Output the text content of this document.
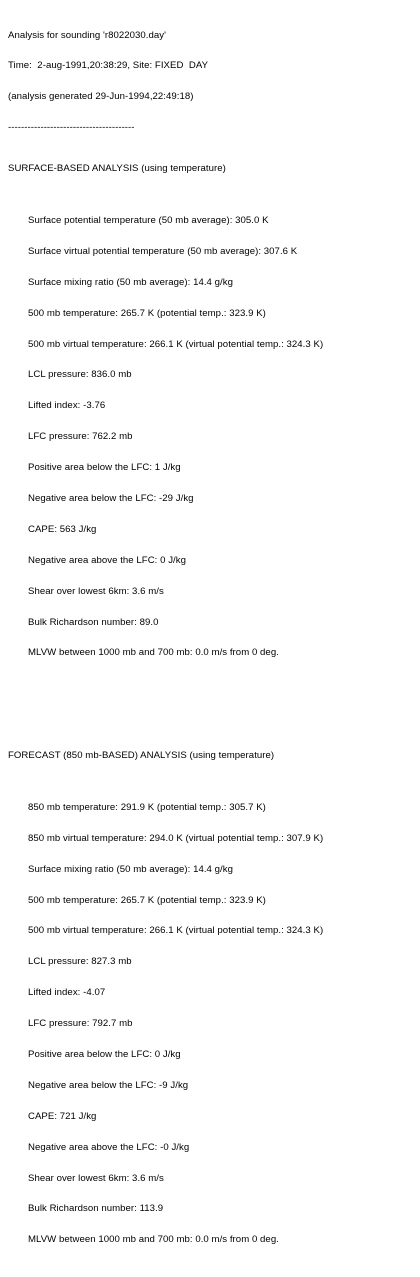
Analysis for sounding 'r8022030.day'

Time:  2-aug-1991,20:38:29, Site: FIXED  DAY

(analysis generated 29-Jun-1994,22:49:18)

---------------------------------------

SURFACE-BASED ANALYSIS (using temperature)

Surface potential temperature (50 mb average): 305.0 K

Surface virtual potential temperature (50 mb average): 307.6 K

Surface mixing ratio (50 mb average): 14.4 g/kg

500 mb temperature: 265.7 K (potential temp.: 323.9 K)

500 mb virtual temperature: 266.1 K (virtual potential temp.: 324.3 K)

LCL pressure: 836.0 mb

Lifted index: -3.76

LFC pressure: 762.2 mb

Positive area below the LFC: 1 J/kg

Negative area below the LFC: -29 J/kg

CAPE: 563 J/kg

Negative area above the LFC: 0 J/kg

Shear over lowest 6km: 3.6 m/s

Bulk Richardson number: 89.0

MLVW between 1000 mb and 700 mb: 0.0 m/s from 0 deg.

FORECAST (850 mb-BASED) ANALYSIS (using temperature)

850 mb temperature: 291.9 K (potential temp.: 305.7 K)

850 mb virtual temperature: 294.0 K (virtual potential temp.: 307.9 K)

Surface mixing ratio (50 mb average): 14.4 g/kg

500 mb temperature: 265.7 K (potential temp.: 323.9 K)

500 mb virtual temperature: 266.1 K (virtual potential temp.: 324.3 K)

LCL pressure: 827.3 mb

Lifted index: -4.07

LFC pressure: 792.7 mb

Positive area below the LFC: 0 J/kg

Negative area below the LFC: -9 J/kg

CAPE: 721 J/kg

Negative area above the LFC: -0 J/kg

Shear over lowest 6km: 3.6 m/s

Bulk Richardson number: 113.9

MLVW between 1000 mb and 700 mb: 0.0 m/s from 0 deg.
